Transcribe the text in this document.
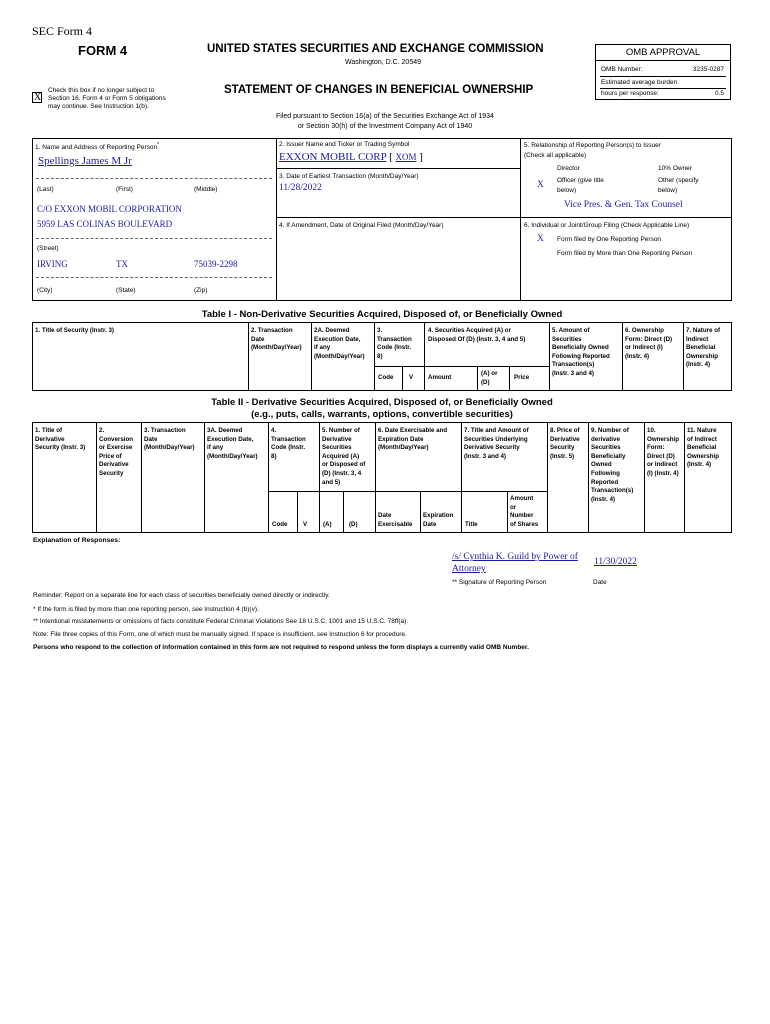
SEC Form 4
FORM 4	UNITED STATES SECURITIES AND EXCHANGE COMMISSION
Washington, D.C. 20549
X
Check this box if no longer subject to
Section 16. Form 4 or Form 5 obligations
may continue. See Instruction 1(b).
STATEMENT OF CHANGES IN BENEFICIAL OWNERSHIP
OMB APPROVAL
OMB Number:	3235-0287
Estimated average burden
hours per response:	0.5
Filed pursuant to Section 16(a) of the Securities Exchange Act of 1934
or Section 30(h) of the Investment Company Act of 1940
1. Name and Address of Reporting Person*
Spellings James M Jr
(Last)	(First)	(Middle)
C/O EXXON MOBIL CORPORATION
5959 LAS COLINAS BOULEVARD
(Street)
IRVING	TX	75039-2298
(City)	(State)	(Zip)
2. Issuer Name and Ticker or Trading Symbol
EXXON MOBIL CORP [ XOM ]
3. Date of Earliest Transaction (Month/Day/Year)
11/28/2022
4. If Amendment, Date of Original Filed (Month/Day/Year)
5. Relationship of Reporting Person(s) to Issuer
(Check all applicable)
Director	10% Owner
X Officer (give title
below)
Other (specify
below)
Vice Pres. & Gen. Tax Counsel
6. Individual or Joint/Group Filing (Check Applicable Line)
X Form filed by One Reporting Person
Form filed by More than One Reporting Person
Table I - Non-Derivative Securities Acquired, Disposed of, or Beneficially Owned
1. Title of Security (Instr. 3)	2. Transaction
Date
(Month/Day/Year)
2A. Deemed
Execution Date,
if any
(Month/Day/Year)
3.
Transaction
Code (Instr.
8)
4. Securities Acquired (A) or
Disposed Of (D) (Instr. 3, 4 and 5)
5. Amount of
Securities
Beneficially Owned
Following Reported
Transaction(s)
(Instr. 3 and 4)
6. Ownership
Form: Direct (D)
or Indirect (I)
(Instr. 4)
7. Nature of
Indirect
Beneficial
Ownership
(Instr. 4)
Code	V Amount
(A) or
(D)
Price
Table II - Derivative Securities Acquired, Disposed of, or Beneficially Owned
(e.g., puts, calls, warrants, options, convertible securities)
1. Title of
Derivative
Security (Instr. 3)
2.
Conversion
or Exercise
Price of
Derivative
Security
3. Transaction
Date
(Month/Day/Year)
3A. Deemed
Execution Date,
if any
(Month/Day/Year)
4.
Transaction
Code (Instr.
8)
5. Number of
Derivative
Securities
Acquired (A)
or Disposed of
(D) (Instr. 3, 4
and 5)
6. Date Exercisable and
Expiration Date
(Month/Day/Year)
7. Title and Amount of
Securities Underlying
Derivative Security
(Instr. 3 and 4)
8. Price of
Derivative
Security
(Instr. 5)
9. Number of
derivative
Securities
Beneficially
Owned
Following
Reported
Transaction(s)
(Instr. 4)
10.
Ownership
Form:
Direct (D)
or Indirect
(I) (Instr. 4)
11. Nature
of Indirect
Beneficial
Ownership
(Instr. 4)
Code	V	(A)	(D)
Date
Exercisable
Expiration
Date	Title
Amount
or
Number
of Shares
Explanation of Responses:
/s/ Cynthia K. Guild by Power of
Attorney
11/30/2022
** Signature of Reporting Person	Date
Reminder: Report on a separate line for each class of securities beneficially owned directly or indirectly.
* If the form is filed by more than one reporting person, see Instruction 4 (b)(v).
** Intentional misstatements or omissions of facts constitute Federal Criminal Violations See 18 U.S.C. 1001 and 15 U.S.C. 78ff(a).
Note: File three copies of this Form, one of which must be manually signed. If space is insufficient, see Instruction 6 for procedure.
Persons who respond to the collection of information contained in this form are not required to respond unless the form displays a currently valid OMB Number.
